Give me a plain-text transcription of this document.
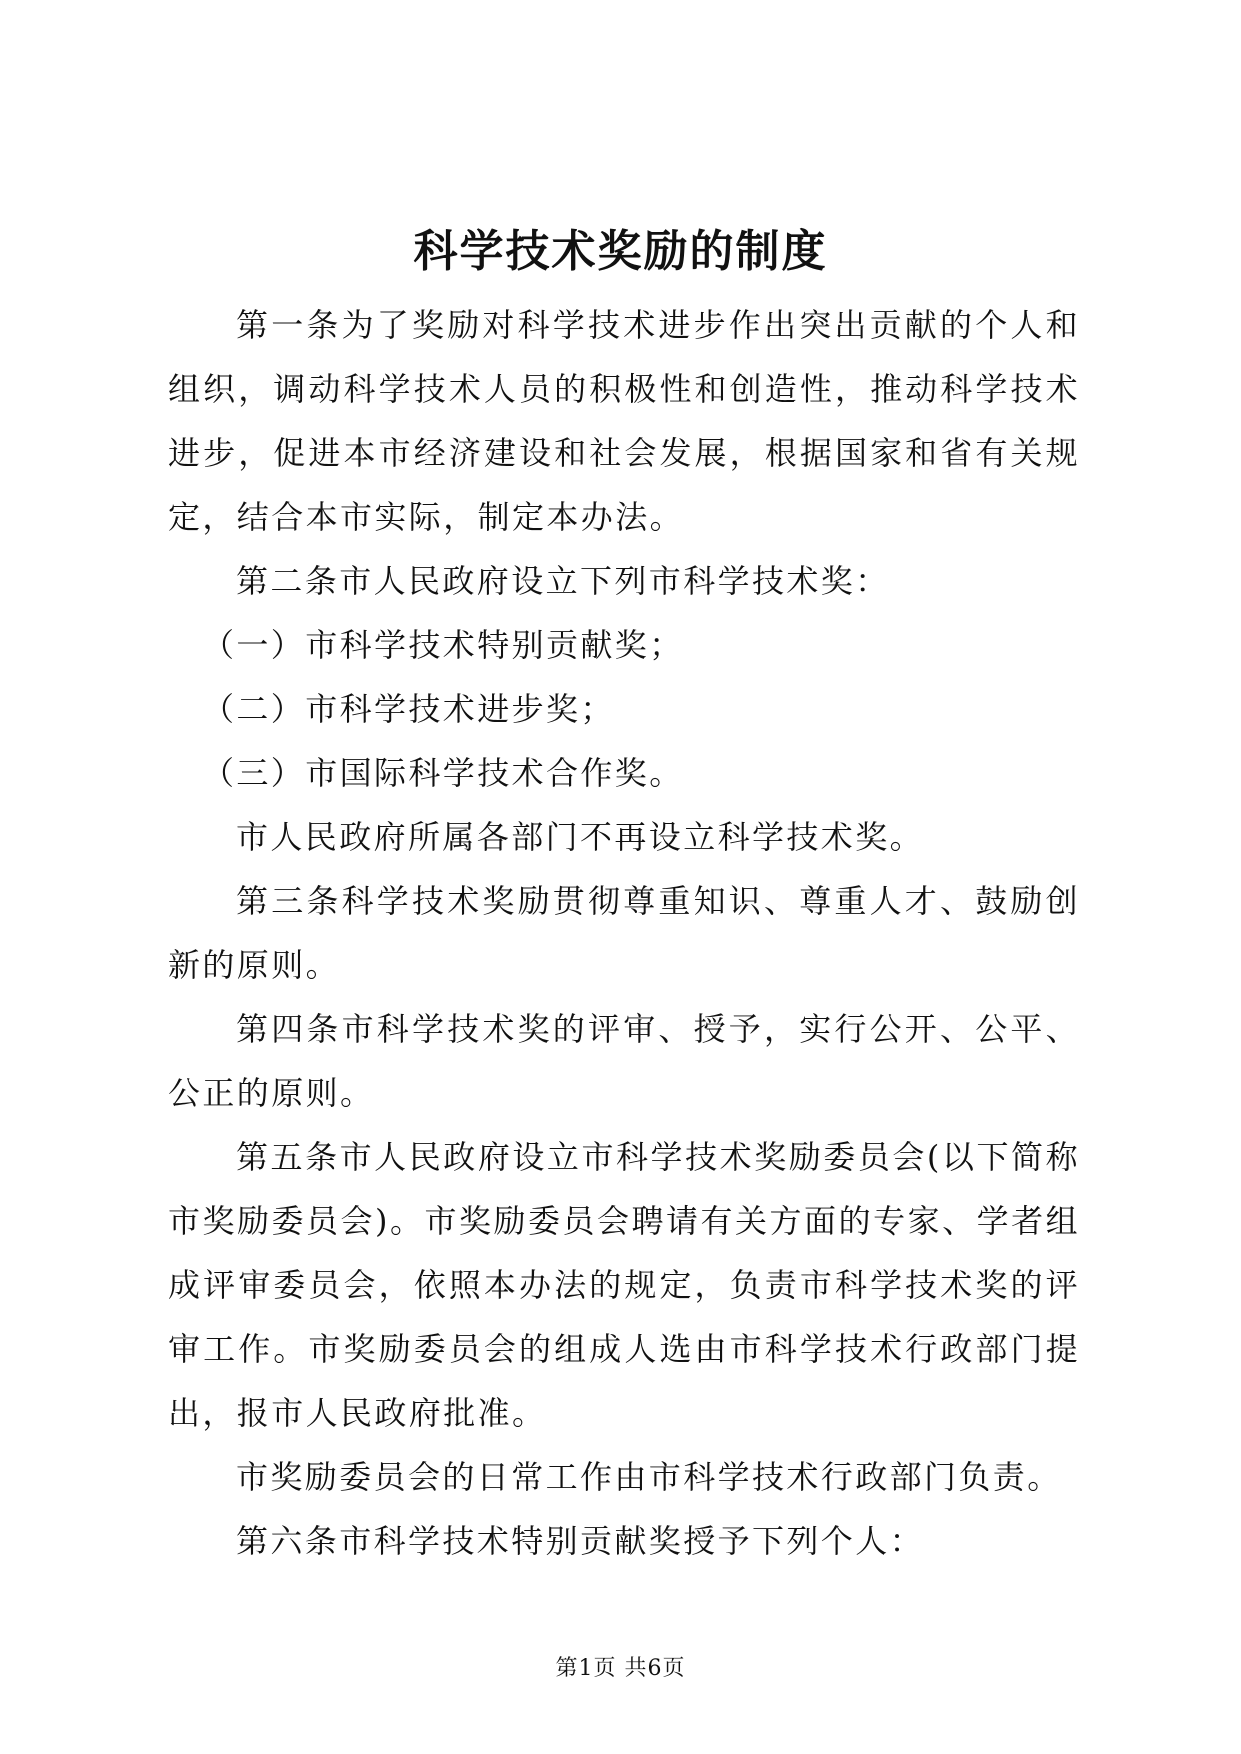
科学技术奖励的制度

第一条为了奖励对科学技术进步作出突出贡献的个人和组织，调动科学技术人员的积极性和创造性，推动科学技术进步，促进本市经济建设和社会发展，根据国家和省有关规定，结合本市实际，制定本办法。

第二条市人民政府设立下列市科学技术奖：

（一）市科学技术特别贡献奖；

（二）市科学技术进步奖；

（三）市国际科学技术合作奖。

市人民政府所属各部门不再设立科学技术奖。

第三条科学技术奖励贯彻尊重知识、尊重人才、鼓励创新的原则。

第四条市科学技术奖的评审、授予，实行公开、公平、公正的原则。

第五条市人民政府设立市科学技术奖励委员会(以下简称市奖励委员会)。市奖励委员会聘请有关方面的专家、学者组成评审委员会，依照本办法的规定，负责市科学技术奖的评审工作。市奖励委员会的组成人选由市科学技术行政部门提出，报市人民政府批准。

市奖励委员会的日常工作由市科学技术行政部门负责。

第六条市科学技术特别贡献奖授予下列个人：

第1页 共6页
